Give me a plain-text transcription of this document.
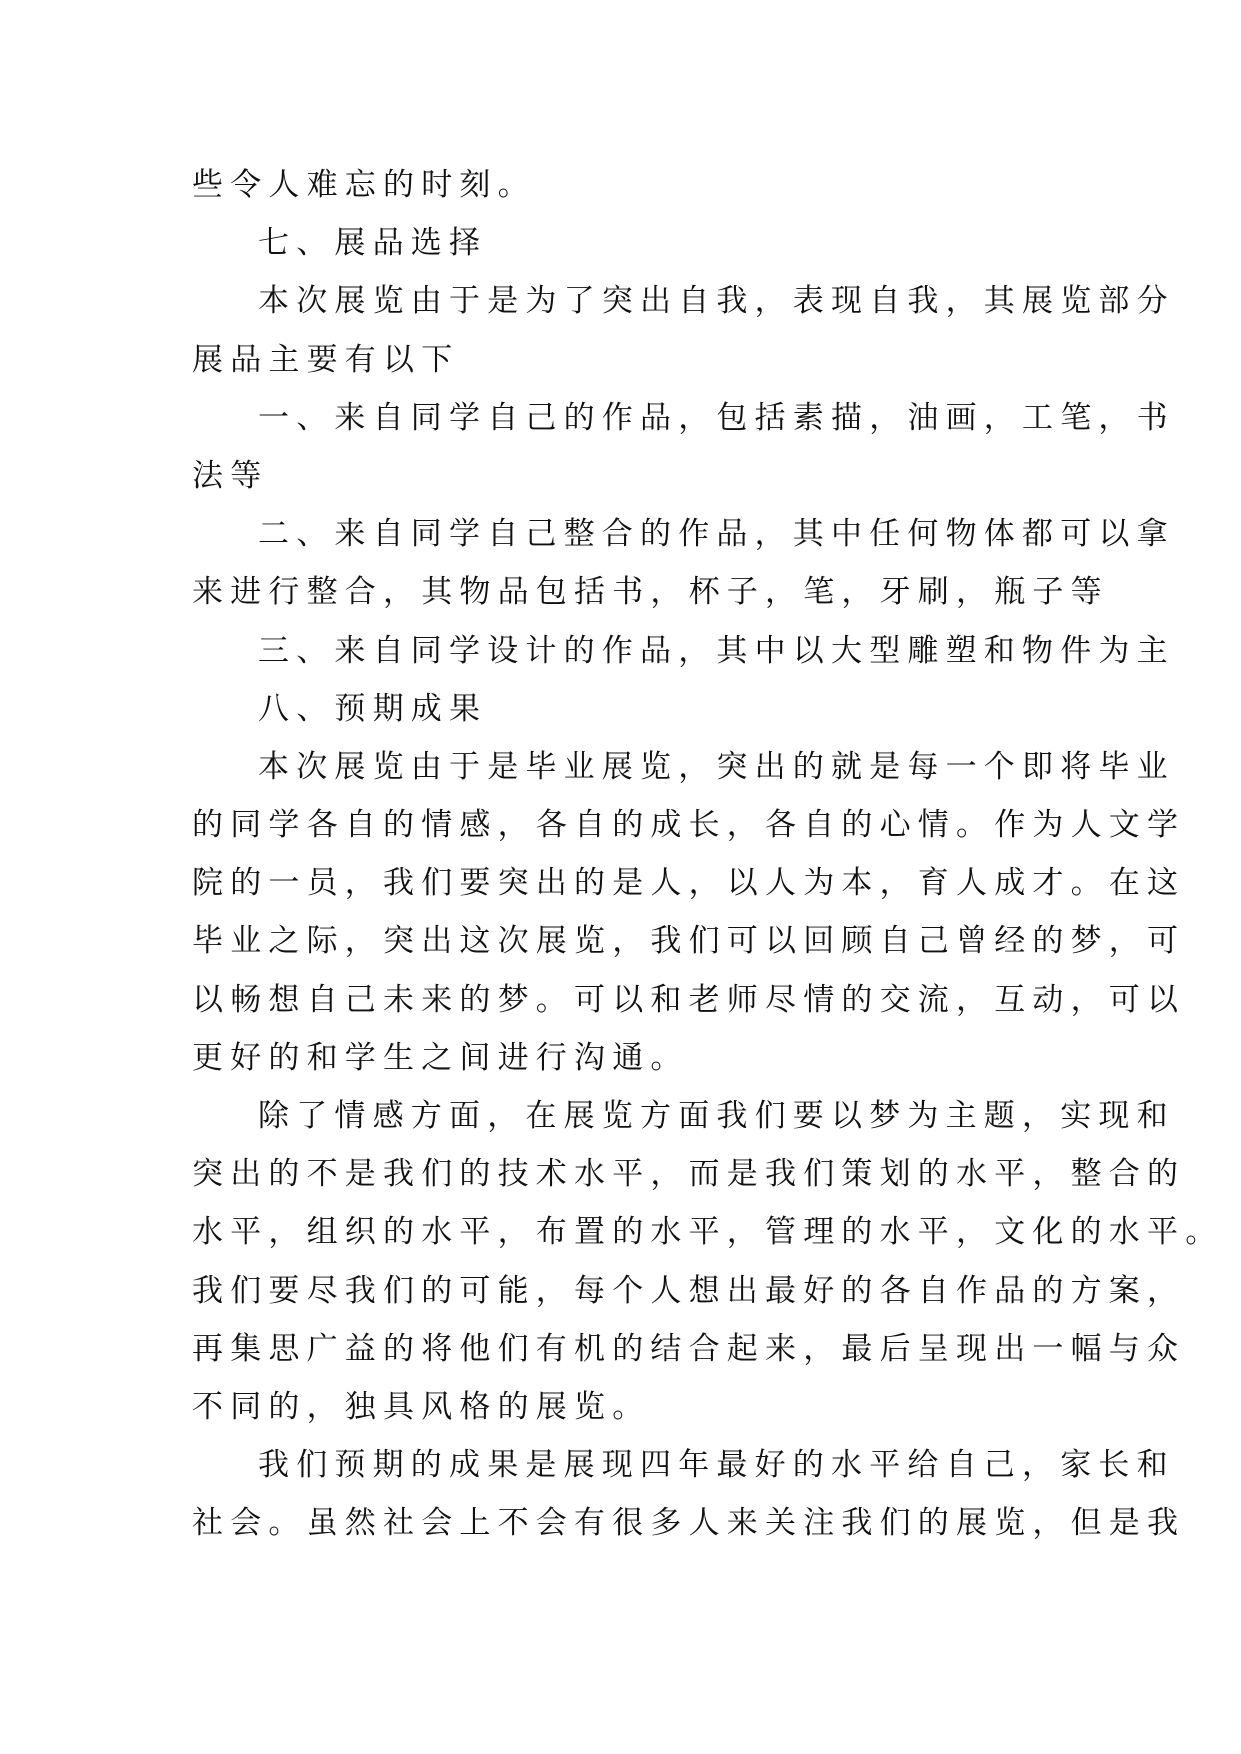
些令人难忘的时刻。
七、展品选择
本次展览由于是为了突出自我，表现自我，其展览部分
展品主要有以下
一、来自同学自己的作品，包括素描，油画，工笔，书
法等
二、来自同学自己整合的作品，其中任何物体都可以拿
来进行整合，其物品包括书，杯子，笔，牙刷，瓶子等
三、来自同学设计的作品，其中以大型雕塑和物件为主
八、预期成果
本次展览由于是毕业展览，突出的就是每一个即将毕业
的同学各自的情感，各自的成长，各自的心情。作为人文学
院的一员，我们要突出的是人，以人为本，育人成才。在这
毕业之际，突出这次展览，我们可以回顾自己曾经的梦，可
以畅想自己未来的梦。可以和老师尽情的交流，互动，可以
更好的和学生之间进行沟通。
除了情感方面，在展览方面我们要以梦为主题，实现和
突出的不是我们的技术水平，而是我们策划的水平，整合的
水平，组织的水平，布置的水平，管理的水平，文化的水平。
我们要尽我们的可能，每个人想出最好的各自作品的方案，
再集思广益的将他们有机的结合起来，最后呈现出一幅与众
不同的，独具风格的展览。
我们预期的成果是展现四年最好的水平给自己，家长和
社会。虽然社会上不会有很多人来关注我们的展览，但是我
